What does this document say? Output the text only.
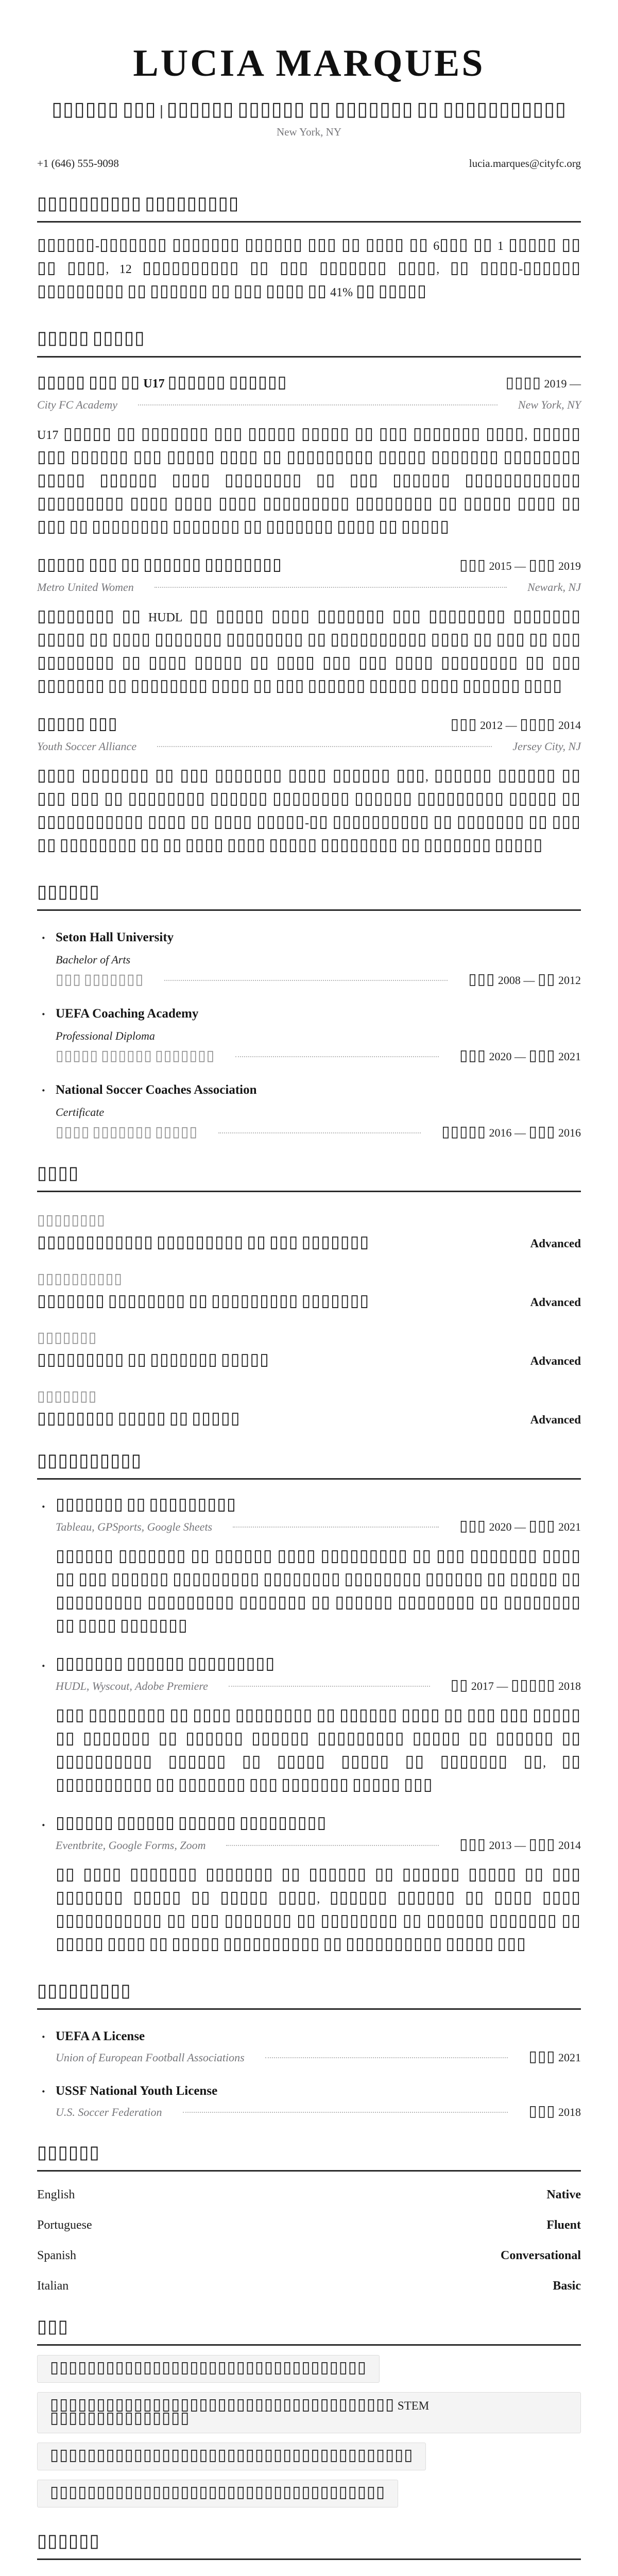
LUCIA MARQUES
▯▯▯▯▯▯ ▯▯▯ | ▯▯▯▯▯▯ ▯▯▯▯▯▯ ▯▯ ▯▯▯▯▯▯▯ ▯▯ ▯▯▯▯▯▯▯▯▯▯▯
New York, NY
+1 (646) 555-9098	lucia.marques@cityfc.org
▯▯▯▯▯▯▯▯▯▯ ▯▯▯▯▯▯▯▯▯
▯▯▯▯▯▯-▯▯▯▯▯▯▯ ▯▯▯▯▯▯▯ ▯▯▯▯▯▯ ▯▯▯ ▯▯ ▯▯▯▯ ▯▯ 6▯▯▯ ▯▯ 1 ▯▯▯▯▯ ▯▯ ▯▯ ▯▯▯▯, 12 ▯▯▯▯▯▯▯▯▯▯ ▯▯ ▯▯▯ ▯▯▯▯▯▯▯ ▯▯▯▯, ▯▯ ▯▯▯▯-▯▯▯▯▯▯ ▯▯▯▯▯▯▯▯▯ ▯▯ ▯▯▯▯▯▯ ▯▯ ▯▯▯ ▯▯▯▯ ▯▯ 41% ▯▯ ▯▯▯▯▯
▯▯▯▯▯ ▯▯▯▯▯
▯▯▯▯▯ ▯▯▯ ▯▯ U17 ▯▯▯▯▯▯ ▯▯▯▯▯▯	▯▯▯▯ 2019 —
City FC Academy	New York, NY
U17 ▯▯▯▯▯ ▯▯ ▯▯▯▯▯▯▯ ▯▯▯ ▯▯▯▯▯ ▯▯▯▯▯ ▯▯ ▯▯▯ ▯▯▯▯▯▯▯ ▯▯▯▯, ▯▯▯▯▯ ▯▯▯ ▯▯▯▯▯▯ ▯▯▯ ▯▯▯▯▯ ▯▯▯▯ ▯▯ ▯▯▯▯▯▯▯▯▯ ▯▯▯▯▯ ▯▯▯▯▯▯▯ ▯▯▯▯▯▯▯▯ ▯▯▯▯▯ ▯▯▯▯▯▯ ▯▯▯▯ ▯▯▯▯▯▯▯▯ ▯▯ ▯▯▯ ▯▯▯▯▯▯ ▯▯▯▯▯▯▯▯▯▯▯▯ ▯▯▯▯▯▯▯▯▯ ▯▯▯▯ ▯▯▯▯ ▯▯▯▯ ▯▯▯▯▯▯▯▯▯ ▯▯▯▯▯▯▯▯ ▯▯ ▯▯▯▯▯ ▯▯▯▯ ▯▯ ▯▯▯ ▯▯ ▯▯▯▯▯▯▯▯ ▯▯▯▯▯▯▯ ▯▯ ▯▯▯▯▯▯▯ ▯▯▯▯ ▯▯ ▯▯▯▯▯
▯▯▯▯▯ ▯▯▯ ▯▯ ▯▯▯▯▯▯ ▯▯▯▯▯▯▯▯	▯▯▯ 2015 — ▯▯▯ 2019
Metro United Women	Newark, NJ
▯▯▯▯▯▯▯▯ ▯▯ HUDL ▯▯ ▯▯▯▯▯ ▯▯▯▯ ▯▯▯▯▯▯▯ ▯▯▯ ▯▯▯▯▯▯▯▯ ▯▯▯▯▯▯▯ ▯▯▯▯▯ ▯▯ ▯▯▯▯ ▯▯▯▯▯▯▯ ▯▯▯▯▯▯▯▯ ▯▯ ▯▯▯▯▯▯▯▯▯▯ ▯▯▯▯ ▯▯ ▯▯▯ ▯▯ ▯▯▯ ▯▯▯▯▯▯▯▯ ▯▯ ▯▯▯▯ ▯▯▯▯▯ ▯▯ ▯▯▯▯ ▯▯▯ ▯▯▯ ▯▯▯▯ ▯▯▯▯▯▯▯▯ ▯▯ ▯▯▯ ▯▯▯▯▯▯▯ ▯▯ ▯▯▯▯▯▯▯▯ ▯▯▯▯ ▯▯ ▯▯▯ ▯▯▯▯▯▯ ▯▯▯▯▯ ▯▯▯▯ ▯▯▯▯▯▯ ▯▯▯▯
▯▯▯▯▯ ▯▯▯	▯▯▯ 2012 — ▯▯▯▯ 2014
Youth Soccer Alliance	Jersey City, NJ
▯▯▯▯ ▯▯▯▯▯▯▯ ▯▯ ▯▯▯ ▯▯▯▯▯▯▯ ▯▯▯▯ ▯▯▯▯▯▯ ▯▯▯, ▯▯▯▯▯▯ ▯▯▯▯▯▯ ▯▯ ▯▯▯ ▯▯▯ ▯▯ ▯▯▯▯▯▯▯▯ ▯▯▯▯▯▯ ▯▯▯▯▯▯▯▯ ▯▯▯▯▯▯ ▯▯▯▯▯▯▯▯▯ ▯▯▯▯▯ ▯▯ ▯▯▯▯▯▯▯▯▯▯▯ ▯▯▯▯ ▯▯ ▯▯▯▯ ▯▯▯▯▯-▯▯ ▯▯▯▯▯▯▯▯▯▯ ▯▯ ▯▯▯▯▯▯▯ ▯▯ ▯▯▯ ▯▯ ▯▯▯▯▯▯▯▯ ▯▯ ▯▯ ▯▯▯▯ ▯▯▯▯ ▯▯▯▯▯ ▯▯▯▯▯▯▯▯ ▯▯ ▯▯▯▯▯▯▯ ▯▯▯▯▯
▯▯▯▯▯▯
· Seton Hall University
Bachelor of Arts
▯▯▯ ▯▯▯▯▯▯▯	▯▯▯ 2008 — ▯▯ 2012
· UEFA Coaching Academy
Professional Diploma
▯▯▯▯▯ ▯▯▯▯▯▯ ▯▯▯▯▯▯▯	▯▯▯ 2020 — ▯▯▯ 2021
· National Soccer Coaches Association
Certificate
▯▯▯▯ ▯▯▯▯▯▯▯ ▯▯▯▯▯	▯▯▯▯▯ 2016 — ▯▯▯ 2016
▯▯▯▯
▯▯▯▯▯▯▯▯
▯▯▯▯▯▯▯▯▯▯▯▯ ▯▯▯▯▯▯▯▯▯ ▯▯ ▯▯▯ ▯▯▯▯▯▯▯	Advanced
▯▯▯▯▯▯▯▯▯▯
▯▯▯▯▯▯▯ ▯▯▯▯▯▯▯▯ ▯▯ ▯▯▯▯▯▯▯▯▯ ▯▯▯▯▯▯▯	Advanced
▯▯▯▯▯▯▯
▯▯▯▯▯▯▯▯▯ ▯▯ ▯▯▯▯▯▯▯ ▯▯▯▯▯	Advanced
▯▯▯▯▯▯▯
▯▯▯▯▯▯▯▯ ▯▯▯▯▯ ▯▯ ▯▯▯▯▯	Advanced
▯▯▯▯▯▯▯▯▯▯
· ▯▯▯▯▯▯▯ ▯▯ ▯▯▯▯▯▯▯▯▯
Tableau, GPSports, Google Sheets	▯▯▯ 2020 — ▯▯▯ 2021
▯▯▯▯▯▯ ▯▯▯▯▯▯▯ ▯▯ ▯▯▯▯▯▯ ▯▯▯▯ ▯▯▯▯▯▯▯▯▯ ▯▯ ▯▯▯ ▯▯▯▯▯▯▯ ▯▯▯▯ ▯▯ ▯▯▯ ▯▯▯▯▯▯ ▯▯▯▯▯▯▯▯▯ ▯▯▯▯▯▯▯▯ ▯▯▯▯▯▯▯▯ ▯▯▯▯▯▯ ▯▯ ▯▯▯▯▯ ▯▯ ▯▯▯▯▯▯▯▯▯ ▯▯▯▯▯▯▯▯▯ ▯▯▯▯▯▯▯ ▯▯ ▯▯▯▯▯▯ ▯▯▯▯▯▯▯▯ ▯▯ ▯▯▯▯▯▯▯▯ ▯▯ ▯▯▯▯ ▯▯▯▯▯▯▯
· ▯▯▯▯▯▯▯ ▯▯▯▯▯▯ ▯▯▯▯▯▯▯▯▯
HUDL, Wyscout, Adobe Premiere	▯▯ 2017 — ▯▯▯▯▯ 2018
▯▯▯ ▯▯▯▯▯▯▯▯ ▯▯ ▯▯▯▯ ▯▯▯▯▯▯▯▯ ▯▯ ▯▯▯▯▯▯ ▯▯▯▯ ▯▯ ▯▯▯ ▯▯▯ ▯▯▯▯▯ ▯▯ ▯▯▯▯▯▯▯ ▯▯ ▯▯▯▯▯▯ ▯▯▯▯▯▯ ▯▯▯▯▯▯▯▯▯ ▯▯▯▯▯ ▯▯ ▯▯▯▯▯▯ ▯▯ ▯▯▯▯▯▯▯▯▯▯ ▯▯▯▯▯▯ ▯▯ ▯▯▯▯▯ ▯▯▯▯▯ ▯▯ ▯▯▯▯▯▯▯ ▯▯, ▯▯ ▯▯▯▯▯▯▯▯▯▯ ▯▯ ▯▯▯▯▯▯▯ ▯▯▯ ▯▯▯▯▯▯▯ ▯▯▯▯▯ ▯▯▯
· ▯▯▯▯▯▯ ▯▯▯▯▯▯ ▯▯▯▯▯▯ ▯▯▯▯▯▯▯▯▯
Eventbrite, Google Forms, Zoom	▯▯▯ 2013 — ▯▯▯ 2014
▯▯ ▯▯▯▯ ▯▯▯▯▯▯▯ ▯▯▯▯▯▯▯ ▯▯ ▯▯▯▯▯▯ ▯▯ ▯▯▯▯▯▯ ▯▯▯▯▯ ▯▯ ▯▯▯ ▯▯▯▯▯▯▯ ▯▯▯▯▯ ▯▯ ▯▯▯▯▯ ▯▯▯▯, ▯▯▯▯▯▯ ▯▯▯▯▯▯ ▯▯ ▯▯▯▯ ▯▯▯▯ ▯▯▯▯▯▯▯▯▯▯▯ ▯▯ ▯▯▯ ▯▯▯▯▯▯▯ ▯▯ ▯▯▯▯▯▯▯▯ ▯▯ ▯▯▯▯▯▯ ▯▯▯▯▯▯▯ ▯▯ ▯▯▯▯▯ ▯▯▯▯ ▯▯ ▯▯▯▯▯ ▯▯▯▯▯▯▯▯▯▯ ▯▯ ▯▯▯▯▯▯▯▯▯▯ ▯▯▯▯▯ ▯▯▯
▯▯▯▯▯▯▯▯▯
· UEFA A License
Union of European Football Associations	▯▯▯ 2021
· USSF National Youth License
U.S. Soccer Federation	▯▯▯ 2018
▯▯▯▯▯▯
English	Native
Portuguese	Fluent
Spanish	Conversational
Italian	Basic
▯▯▯
▯▯▯▯▯▯▯▯▯▯▯▯▯▯▯▯▯▯▯▯▯▯▯▯▯▯▯▯▯▯▯▯▯▯
▯▯▯▯▯▯▯▯▯▯▯▯▯▯▯▯▯▯▯▯▯▯▯▯▯▯▯▯▯▯▯▯▯▯▯▯▯ STEM ▯▯▯▯▯▯▯▯▯▯▯▯▯▯▯
▯▯▯▯▯▯▯▯▯▯▯▯▯▯▯▯▯▯▯▯▯▯▯▯▯▯▯▯▯▯▯▯▯▯▯▯▯▯▯
▯▯▯▯▯▯▯▯▯▯▯▯▯▯▯▯▯▯▯▯▯▯▯▯▯▯▯▯▯▯▯▯▯▯▯▯
▯▯▯▯▯▯
